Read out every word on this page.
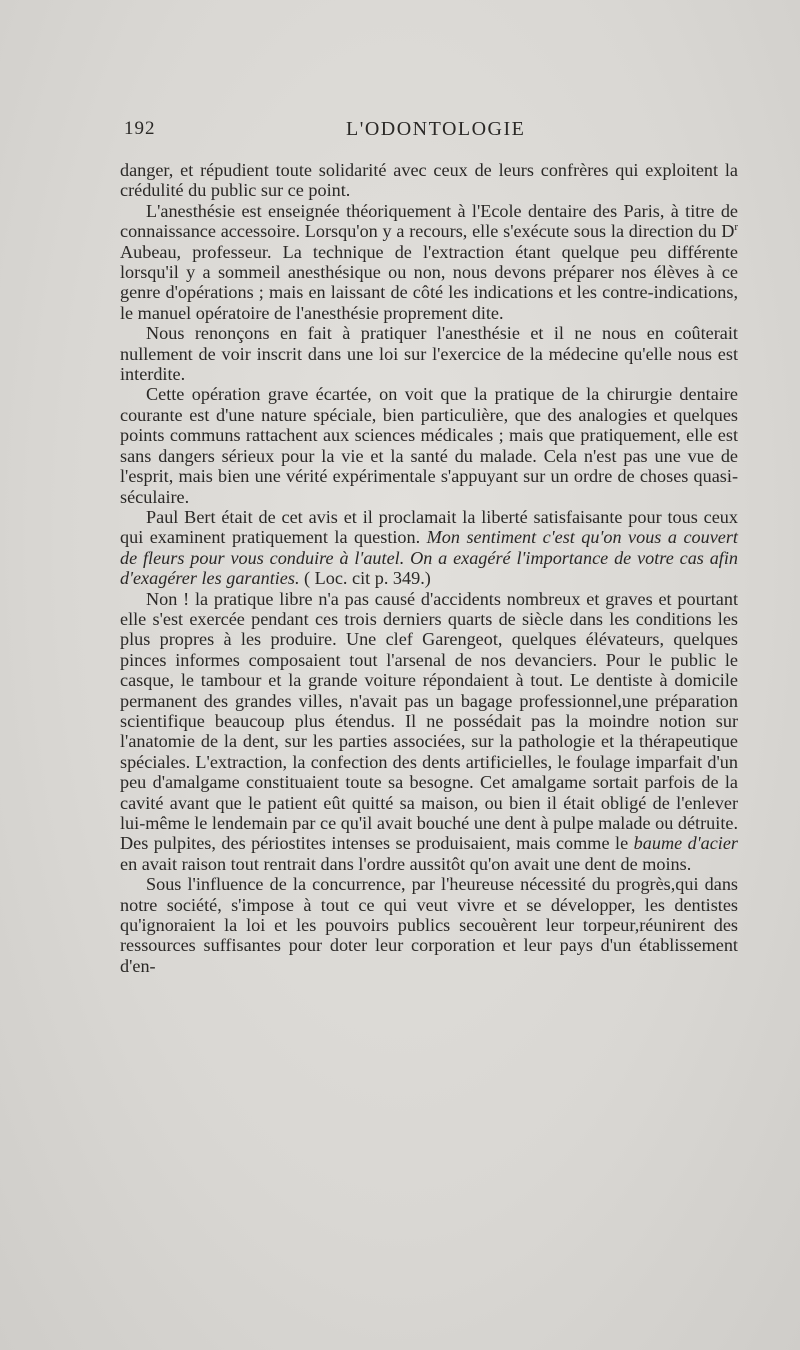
192	L'ODONTOLOGIE

danger, et répudient toute solidarité avec ceux de leurs confrères qui exploitent la crédulité du public sur ce point.

L'anesthésie est enseignée théoriquement à l'Ecole dentaire des Paris, à titre de connaissance accessoire. Lorsqu'on y a recours, elle s'exécute sous la direction du $D^r$ Aubeau, professeur. La technique de l'extraction étant quelque peu différente lorsqu'il y a sommeil anesthésique ou non, nous devons préparer nos élèves à ce genre d'opérations ; mais en laissant de côté les indications et les contre-indications, le manuel opératoire de l'anesthésie proprement dite.

Nous renonçons en fait à pratiquer l'anesthésie et il ne nous en coûterait nullement de voir inscrit dans une loi sur l'exercice de la médecine qu'elle nous est interdite.

Cette opération grave écartée, on voit que la pratique de la chirurgie dentaire courante est d'une nature spéciale, bien particulière, que des analogies et quelques points communs rattachent aux sciences médicales ; mais que pratiquement, elle est sans dangers sérieux pour la vie et la santé du malade. Cela n'est pas une vue de l'esprit, mais bien une vérité expérimentale s'appuyant sur un ordre de choses quasi-séculaire.

Paul Bert était de cet avis et il proclamait la liberté satisfaisante pour tous ceux qui examinent pratiquement la question. Mon sentiment c'est qu'on vous a couvert de fleurs pour vous conduire à l'autel. On a exagéré l'importance de votre cas afin d'exagérer les garanties. ( Loc. cit p. 349.)

Non ! la pratique libre n'a pas causé d'accidents nombreux et graves et pourtant elle s'est exercée pendant ces trois derniers quarts de siècle dans les conditions les plus propres à les produire. Une clef Garengeot, quelques élévateurs, quelques pinces informes composaient tout l'arsenal de nos devanciers. Pour le public le casque, le tambour et la grande voiture répondaient à tout. Le dentiste à domicile permanent des grandes villes, n'avait pas un bagage professionnel,une préparation scientifique beaucoup plus étendus. Il ne possédait pas la moindre notion sur l'anatomie de la dent, sur les parties associées, sur la pathologie et la thérapeutique spéciales. L'extraction, la confection des dents artificielles, le foulage imparfait d'un peu d'amalgame constituaient toute sa besogne. Cet amalgame sortait parfois de la cavité avant que le patient eût quitté sa maison, ou bien il était obligé de l'enlever lui-même le lendemain par ce qu'il avait bouché une dent à pulpe malade ou détruite. Des pulpites, des périostites intenses se produisaient, mais comme le baume d'acier en avait raison tout rentrait dans l'ordre aussitôt qu'on avait une dent de moins.

Sous l'influence de la concurrence, par l'heureuse nécessité du progrès,qui dans notre société, s'impose à tout ce qui veut vivre et se développer, les dentistes qu'ignoraient la loi et les pouvoirs publics secouèrent leur torpeur,réunirent des ressources suffisantes pour doter leur corporation et leur pays d'un établissement d'en-
